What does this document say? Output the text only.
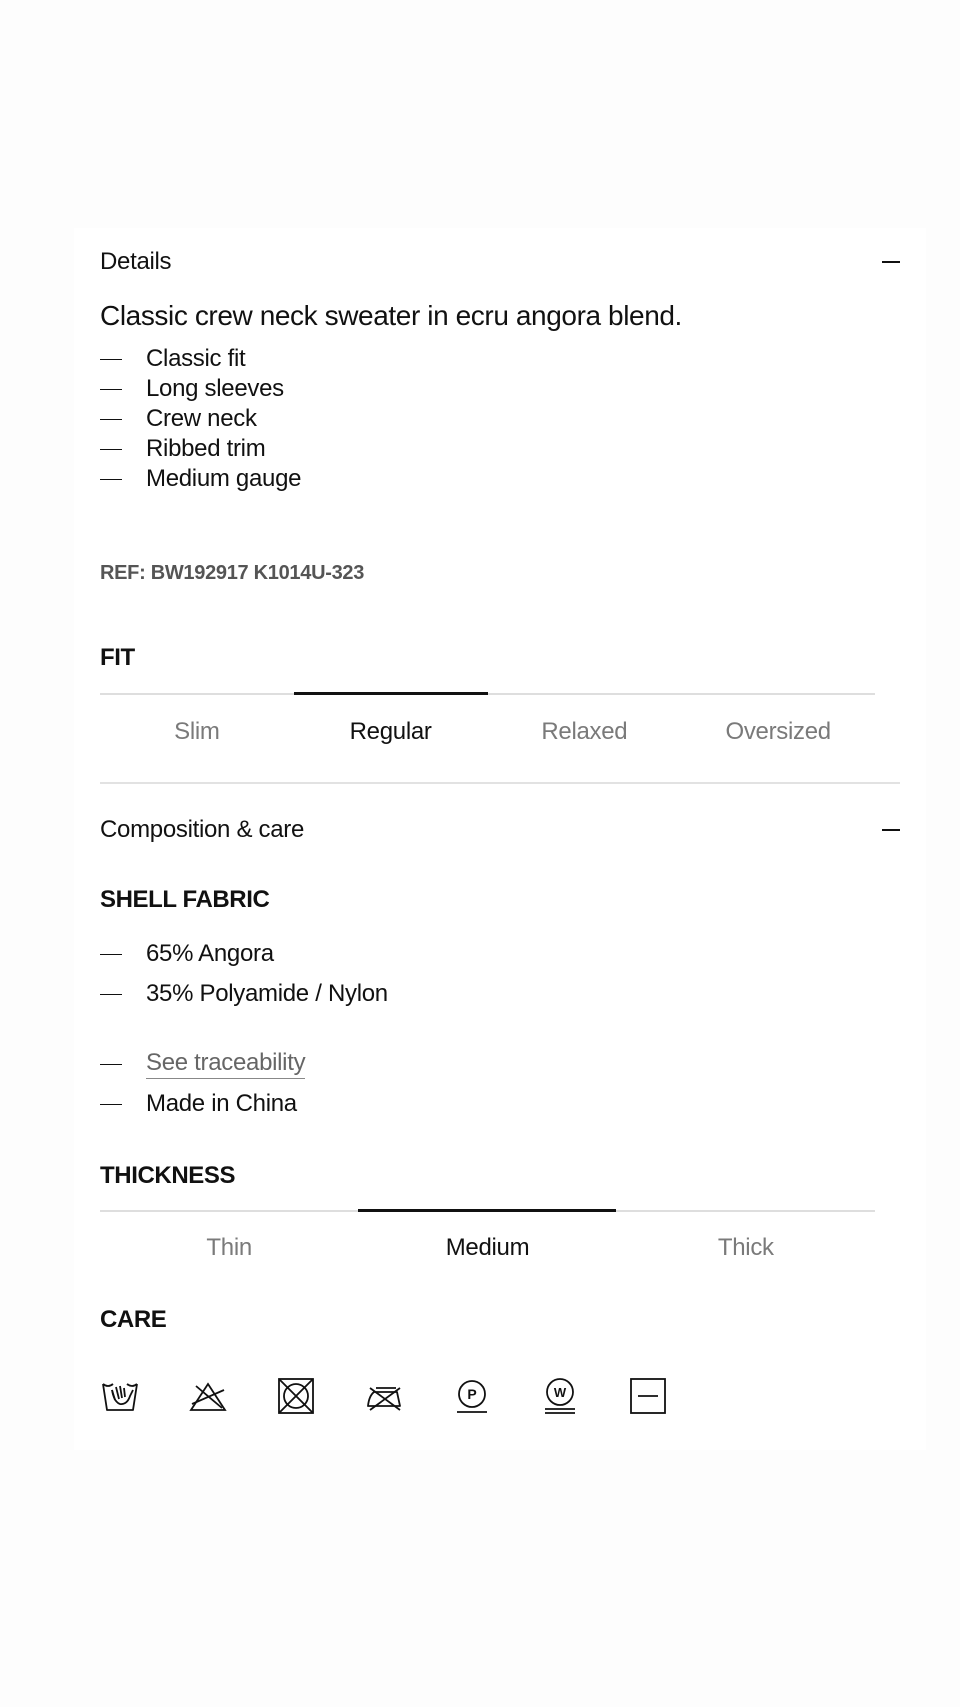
Details
Classic crew neck sweater in ecru angora blend.
Classic fit
Long sleeves
Crew neck
Ribbed trim
Medium gauge
REF: BW192917 K1014U-323
FIT
Slim	Regular	Relaxed	Oversized
Composition & care
SHELL FABRIC
65% Angora
35% Polyamide / Nylon
See traceability
Made in China
THICKNESS
Thin	Medium	Thick
CARE
P	W
